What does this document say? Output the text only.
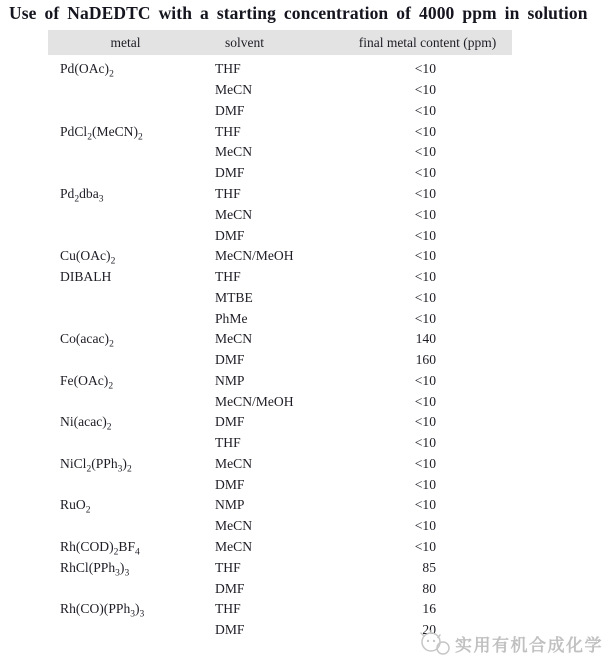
Use of NaDEDTC with a starting concentration of 4000 ppm in solution
metal	solvent	final metal content (ppm)
$Pd(OAc)_2$	THF	<10
	MeCN	<10
	DMF	<10
$PdCl_2(MeCN)_2$	THF	<10
	MeCN	<10
	DMF	<10
$Pd_2dba_3$	THF	<10
	MeCN	<10
	DMF	<10
$Cu(OAc)_2$	MeCN/MeOH	<10
DIBALH	THF	<10
	MTBE	<10
	PhMe	<10
$Co(acac)_2$	MeCN	140
	DMF	160
$Fe(OAc)_2$	NMP	<10
	MeCN/MeOH	<10
$Ni(acac)_2$	DMF	<10
	THF	<10
$NiCl_2(PPh_3)_2$	MeCN	<10
	DMF	<10
RuO$_2$	NMP	<10
	MeCN	<10
$Rh(COD)_2BF_4$	MeCN	<10
$RhCl(PPh_3)_3$	THF	85
	DMF	80
$Rh(CO)(PPh_3)_3$	THF	16
	DMF	20
实用有机合成化学
